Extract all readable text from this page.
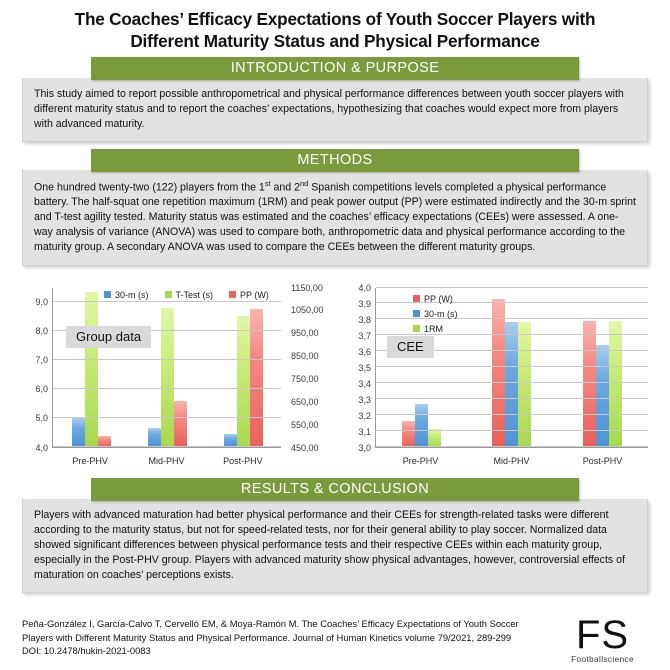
The Coaches’ Efficacy Expectations of Youth Soccer Players with
Different Maturity Status and Physical Performance
INTRODUCTION & PURPOSE

This study aimed to report possible anthropometrical and physical performance differences between youth soccer players with different maturity status and to report the coaches’ expectations, hypothesizing that coaches would expect more from players with advanced maturity.

METHODS

One hundred twenty-two (122) players from the 1st and 2nd Spanish competitions levels completed a physical performance battery. The half-squat one repetition maximum (1RM) and peak power output (PP) were estimated indirectly and the 30-m sprint and T-test agility tested. Maturity status was estimated and the coaches’ efficacy expectations (CEEs) were assessed. A one-way analysis of variance (ANOVA) was used to compare both, anthropometric data and physical performance according to the maturity group. A secondary ANOVA was used to compare the CEEs between the different maturity groups.

30-m (s)	T-Test (s)	PP (W)
Group data
9,0
8,0
7,0
6,0
5,0
4,0
1150,00
1050,00
950,00
850,00
750,00
650,00
550,00
450,00
Pre-PHV	Mid-PHV	Post-PHV
PP (W)
30-m (s)
1RM
CEE
4,0
3,9
3,8
3,7
3,6
3,5
3,4
3,3
3,2
3,1
3,0
Pre-PHV	Mid-PHV	Post-PHV
RESULTS & CONCLUSION

Players with advanced maturation had better physical performance and their CEEs for strength-related tasks were different according to the maturity status, but not for speed-related tests, nor for their general ability to play soccer. Normalized data showed significant differences between physical performance tests and their respective CEEs within each maturity group, especially in the Post-PHV group. Players with advanced maturity show physical advantages, however, controversial effects of maturation on coaches’ perceptions exists.

Peña-González I, García-Calvo T, Cervelló EM, & Moya-Ramón M. The Coaches’ Efficacy Expectations of Youth Soccer Players with Different Maturity Status and Physical Performance. Journal of Human Kinetics volume 79/2021, 289-299 DOI: 10.2478/hukin-2021-0083	FS
Footballscience
